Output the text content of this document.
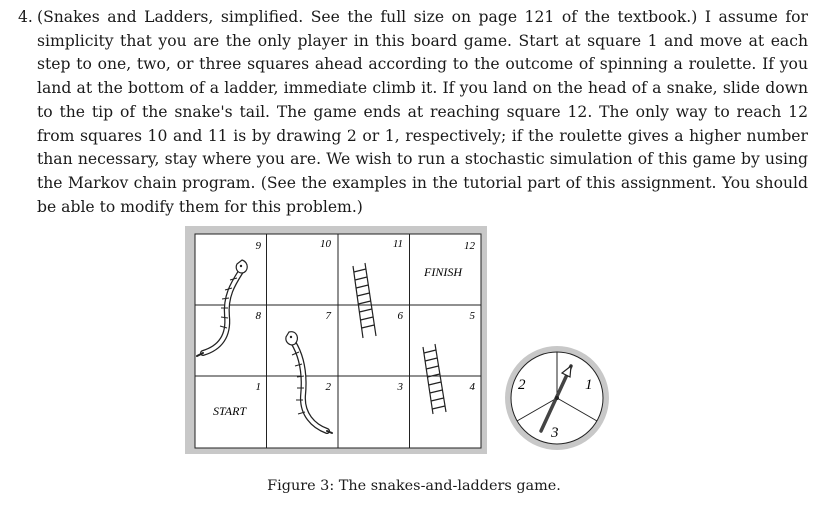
4. (Snakes and Ladders, simplified. See the full size on page 121 of the textbook.) I assume for simplicity that you are the only player in this board game. Start at square 1 and move at each step to one, two, or three squares ahead according to the outcome of spinning a roulette. If you land at the bottom of a ladder, immediate climb it. If you land on the head of a snake, slide down to the tip of the snake's tail. The game ends at reaching square 12. The only way to reach 12 from squares 10 and 11 is by drawing 2 or 1, respectively; if the roulette gives a higher number than necessary, stay where you are. We wish to run a stochastic simulation of this game by using the Markov chain program. (See the examples in the tutorial part of this assignment. You should be able to modify them for this problem.)

9	10	11	12
8	7	6	5
1	2	3	4
FINISH
START
1
2
3
Figure 3: The snakes-and-ladders game.
